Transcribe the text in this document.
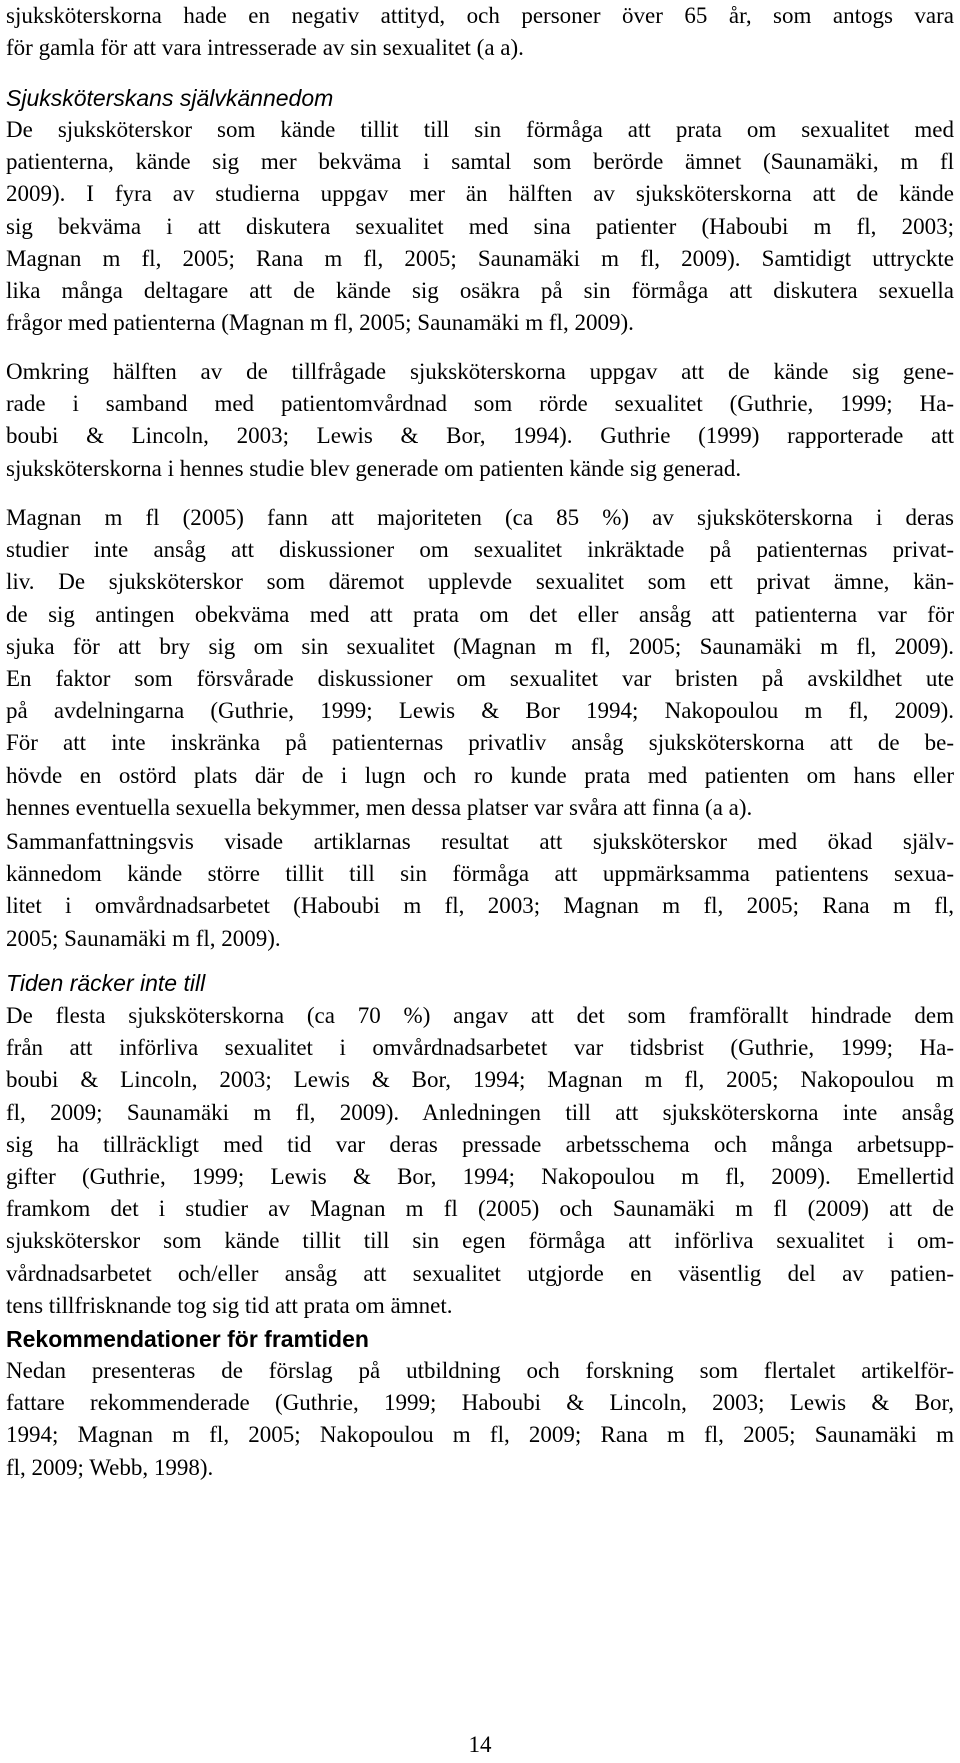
sjuksköterskorna hade en negativ attityd, och personer över 65 år, som antogs vara
för gamla för att vara intresserade av sin sexualitet (a a).
Sjuksköterskans självkännedom
De sjuksköterskor som kände tillit till sin förmåga att prata om sexualitet med
patienterna, kände sig mer bekväma i samtal som berörde ämnet (Saunamäki, m fl
2009). I fyra av studierna uppgav mer än hälften av sjuksköterskorna att de kände
sig bekväma i att diskutera sexualitet med sina patienter (Haboubi m fl, 2003;
Magnan m fl, 2005; Rana m fl, 2005; Saunamäki m fl, 2009). Samtidigt uttryckte
lika många deltagare att de kände sig osäkra på sin förmåga att diskutera sexuella
frågor med patienterna (Magnan m fl, 2005; Saunamäki m fl, 2009).
Omkring hälften av de tillfrågade sjuksköterskorna uppgav att de kände sig gene-
rade i samband med patientomvårdnad som rörde sexualitet (Guthrie, 1999; Ha-
boubi & Lincoln, 2003; Lewis & Bor, 1994). Guthrie (1999) rapporterade att
sjuksköterskorna i hennes studie blev generade om patienten kände sig generad.
Magnan m fl (2005) fann att majoriteten (ca 85 %) av sjuksköterskorna i deras
studier inte ansåg att diskussioner om sexualitet inkräktade på patienternas privat-
liv. De sjuksköterskor som däremot upplevde sexualitet som ett privat ämne, kän-
de sig antingen obekväma med att prata om det eller ansåg att patienterna var för
sjuka för att bry sig om sin sexualitet (Magnan m fl, 2005; Saunamäki m fl, 2009).
En faktor som försvårade diskussioner om sexualitet var bristen på avskildhet ute
på avdelningarna (Guthrie, 1999; Lewis & Bor 1994; Nakopoulou m fl, 2009).
För att inte inskränka på patienternas privatliv ansåg sjuksköterskorna att de be-
hövde en ostörd plats där de i lugn och ro kunde prata med patienten om hans eller
hennes eventuella sexuella bekymmer, men dessa platser var svåra att finna (a a).
Sammanfattningsvis visade artiklarnas resultat att sjuksköterskor med ökad själv-
kännedom kände större tillit till sin förmåga att uppmärksamma patientens sexua-
litet i omvårdnadsarbetet (Haboubi m fl, 2003; Magnan m fl, 2005; Rana m fl,
2005; Saunamäki m fl, 2009).
Tiden räcker inte till
De flesta sjuksköterskorna (ca 70 %) angav att det som framförallt hindrade dem
från att införliva sexualitet i omvårdnadsarbetet var tidsbrist (Guthrie, 1999; Ha-
boubi & Lincoln, 2003; Lewis & Bor, 1994; Magnan m fl, 2005; Nakopoulou m
fl, 2009; Saunamäki m fl, 2009). Anledningen till att sjuksköterskorna inte ansåg
sig ha tillräckligt med tid var deras pressade arbetsschema och många arbetsupp-
gifter (Guthrie, 1999; Lewis & Bor, 1994; Nakopoulou m fl, 2009). Emellertid
framkom det i studier av Magnan m fl (2005) och Saunamäki m fl (2009) att de
sjuksköterskor som kände tillit till sin egen förmåga att införliva sexualitet i om-
vårdnadsarbetet och/eller ansåg att sexualitet utgjorde en väsentlig del av patien-
tens tillfrisknande tog sig tid att prata om ämnet.
Rekommendationer för framtiden
Nedan presenteras de förslag på utbildning och forskning som flertalet artikelför-
fattare rekommenderade (Guthrie, 1999; Haboubi & Lincoln, 2003; Lewis & Bor,
1994; Magnan m fl, 2005; Nakopoulou m fl, 2009; Rana m fl, 2005; Saunamäki m
fl, 2009; Webb, 1998).
14
